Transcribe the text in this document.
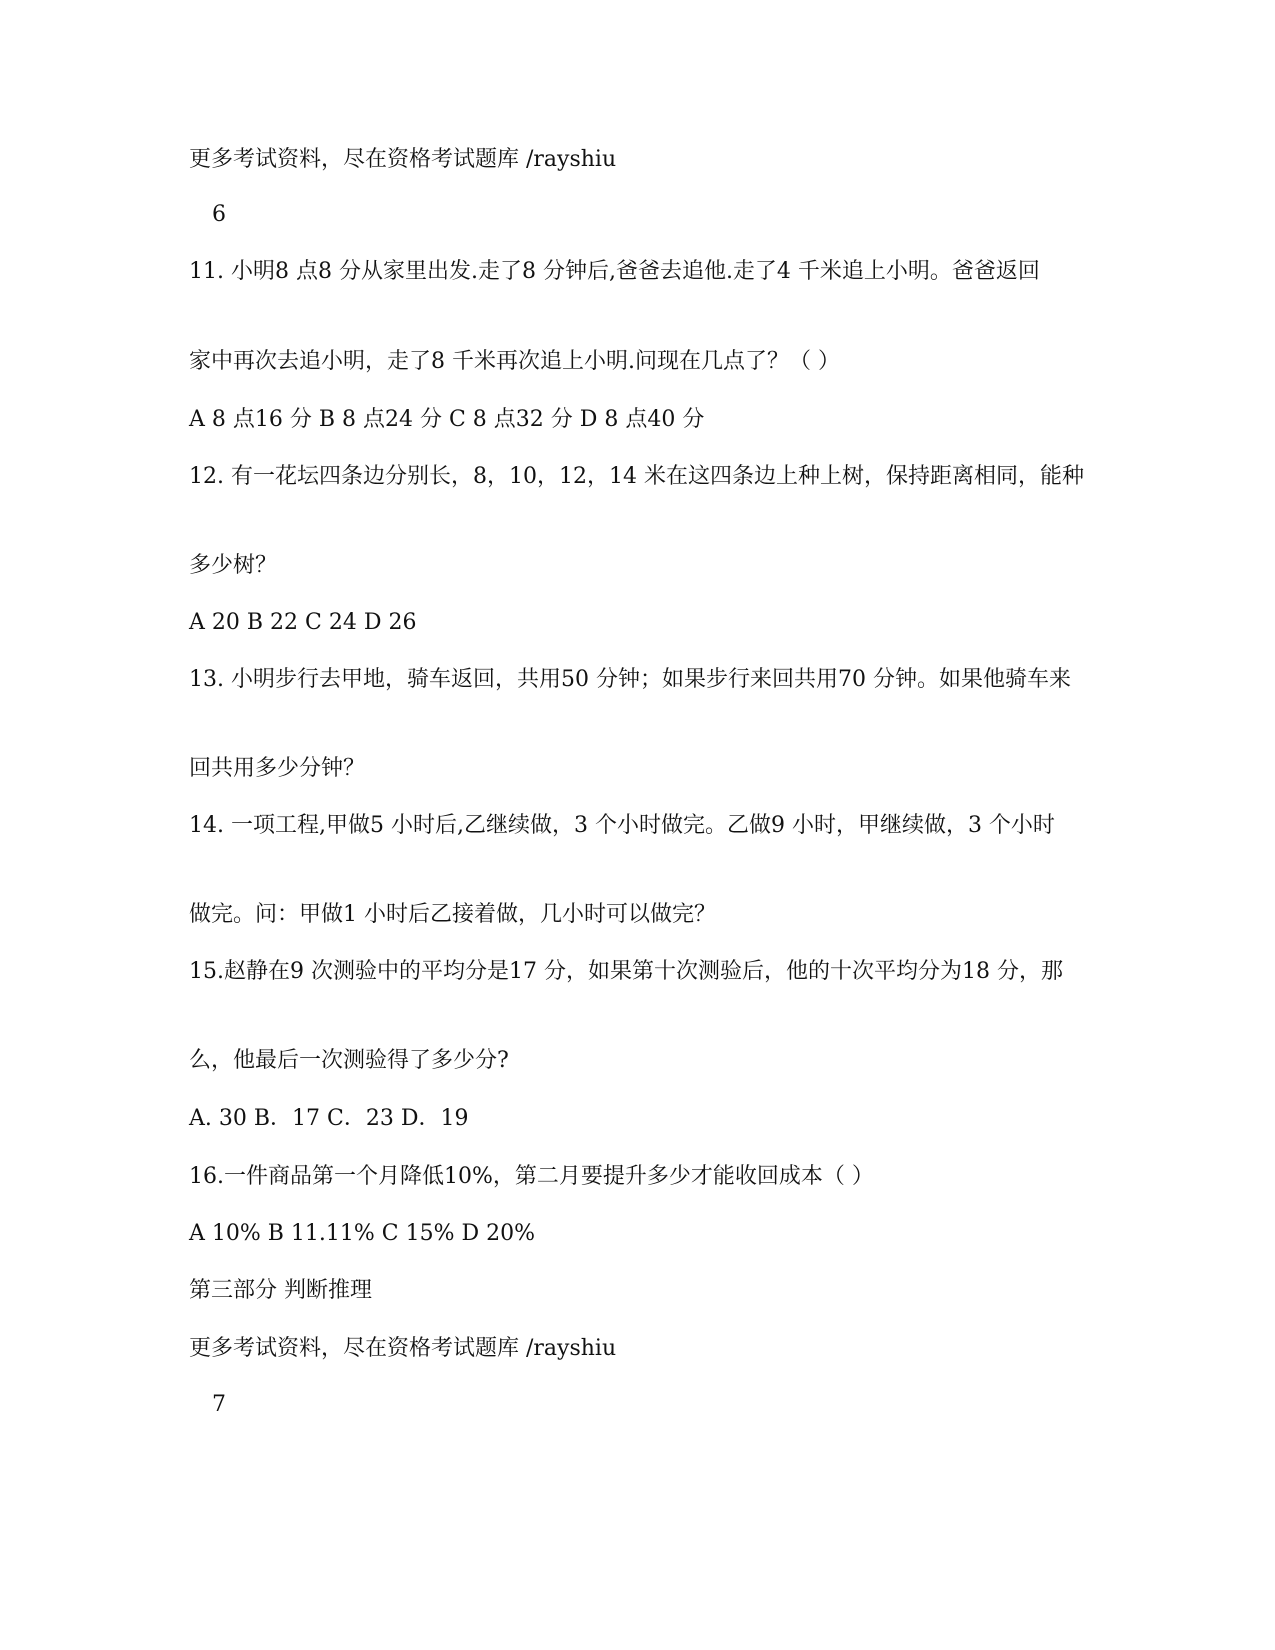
更多考试资料，尽在资格考试题库 /rayshiu

6

11. 小明8 点8 分从家里出发.走了8 分钟后,爸爸去追他.走了4 千米追上小明。爸爸返回

家中再次去追小明，走了8 千米再次追上小明.问现在几点了？（ ）

A 8 点16 分 B 8 点24 分 C 8 点32 分 D 8 点40 分

12. 有一花坛四条边分别长，8，10，12，14 米在这四条边上种上树，保持距离相同，能种

多少树？

A 20 B 22 C 24 D 26

13. 小明步行去甲地，骑车返回，共用50 分钟；如果步行来回共用70 分钟。如果他骑车来

回共用多少分钟？

14. 一项工程,甲做5 小时后,乙继续做，3 个小时做完。乙做9 小时，甲继续做，3 个小时

做完。问：甲做1 小时后乙接着做，几小时可以做完？

15.赵静在9 次测验中的平均分是17 分，如果第十次测验后，他的十次平均分为18 分，那

么，他最后一次测验得了多少分?

A. 30 B．17 C．23 D．19

16.一件商品第一个月降低10%，第二月要提升多少才能收回成本（ ）

A 10% B 11.11% C 15% D 20%

第三部分 判断推理

更多考试资料，尽在资格考试题库 /rayshiu

7
